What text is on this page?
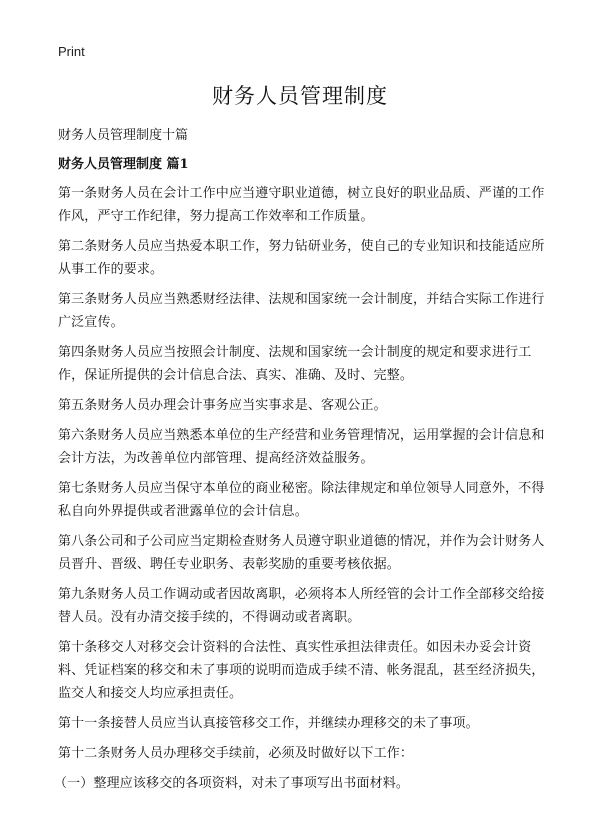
Print
财务人员管理制度

财务人员管理制度十篇

财务人员管理制度 篇1

第一条财务人员在会计工作中应当遵守职业道德，树立良好的职业品质、严谨的工作作风，严守工作纪律，努力提高工作效率和工作质量。

第二条财务人员应当热爱本职工作，努力钻研业务，使自己的专业知识和技能适应所从事工作的要求。

第三条财务人员应当熟悉财经法律、法规和国家统一会计制度，并结合实际工作进行广泛宣传。

第四条财务人员应当按照会计制度、法规和国家统一会计制度的规定和要求进行工作，保证所提供的会计信息合法、真实、准确、及时、完整。

第五条财务人员办理会计事务应当实事求是、客观公正。

第六条财务人员应当熟悉本单位的生产经营和业务管理情况，运用掌握的会计信息和会计方法，为改善单位内部管理、提高经济效益服务。

第七条财务人员应当保守本单位的商业秘密。除法律规定和单位领导人同意外，不得私自向外界提供或者泄露单位的会计信息。

第八条公司和子公司应当定期检查财务人员遵守职业道德的情况，并作为会计财务人员晋升、晋级、聘任专业职务、表彰奖励的重要考核依据。

第九条财务人员工作调动或者因故离职，必须将本人所经管的会计工作全部移交给接替人员。没有办清交接手续的，不得调动或者离职。

第十条移交人对移交会计资料的合法性、真实性承担法律责任。如因未办妥会计资料、凭证档案的移交和未了事项的说明而造成手续不清、帐务混乱，甚至经济损失，监交人和接交人均应承担责任。

第十一条接替人员应当认真接管移交工作，并继续办理移交的未了事项。

第十二条财务人员办理移交手续前，必须及时做好以下工作：

（一）整理应该移交的各项资料，对未了事项写出书面材料。
